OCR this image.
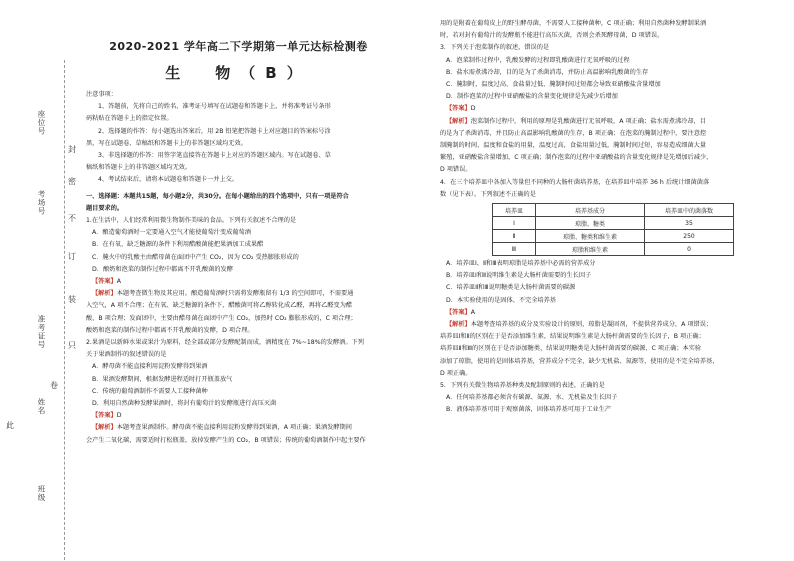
座位号
考场号
准考证号
姓名
班级
封
密
不
订
装
只
卷
此
2020-2021 学年高二下学期第一单元达标检测卷
生　物（B）
注意事项：
1、答题前，先将自己的姓名、准考证号填写在试题卷和答题卡上，并将准考证号条形
码粘贴在答题卡上的指定位置。
2、选择题的作答：每小题选出答案后，用 2B 铅笔把答题卡上对应题目的答案标号涂
黑，写在试题卷、草稿纸和答题卡上的非答题区域均无效。
3、非选择题的作答：用签字笔直接答在答题卡上对应的答题区域内。写在试题卷、草
稿纸和答题卡上的非答题区域均无效。
4、考试结束后，请将本试题卷和答题卡一并上交。
一、选择题：本题共15题，每小题2分，共30分。在每小题给出的四个选项中，只有一项是符合
题目要求的。
1.在生活中，人们经常利用微生物制作美味的食品。下列有关叙述不合理的是
A．酿造葡萄酒时一定要通入空气才能使葡萄汁变成葡萄酒
B．在有氧、缺乏糖源的条件下利用醋酸菌能把果酒加工成果醋
C．腌火中的乳酸主由醋母菌在面团中产生 CO₂，因为 CO₂ 受热膨胀形成的
D．酿奶和泡菜的制作过程中都离不开乳酸菌的发酵
【答案】A
【解析】本题考查微生物及其应用。酿造葡萄酒时只需将发酵瓶留有 1/3 的空间即可，不需要通
入空气，A 项不合理；在有氧、缺乏糖源的条件下，醋酸菌可将乙醇转化成乙醛，再将乙醛变为醋
酸，B 项合理；发面团中，主要由醋母菌在面团中产生 CO₂，加热时 CO₂ 膨胀形成的，C 项合理；
酸奶和泡菜的制作过程中都离不开乳酸菌的发酵，D 项合理。
2.果酒是以新鲜水果或果汁为原料，经全部或部分发酵配制而成，酒精度在 7%~18%的发酵酒。下列
关于果酒制作的叙述错误的是
A．酵母菌不能直接利用淀粉发酵得到果酒
B．果酒发酵期间，根据发酵进程适时打开瓶盖放气
C．传统的葡萄酒制作不需要人工接种菌种
D．利用自然菌种发酵果酒时，将封有葡萄汁的发酵瓶进行高压灭菌
【答案】D
【解析】本题考查果酒制作。酵母菌不能直接利用淀粉发酵得到果酒，A 项正确；果酒发酵期间
会产生二氧化碳，需要适时打松瓶盖，放掉发酵产生的 CO₂，B 项错误；传统的葡萄酒制作中起主要作
用的是附着在葡萄皮上的野生酵母菌，不需要人工接种菌种，C 项正确；利用自然菌种发酵制果酒
时，若对封有葡萄汁的发酵瓶不能进行高压灭菌，否则会杀死酵母菌，D 项错误。
3．下列关于泡菜制作的叙述，错误的是
A．泡菜制作过程中，乳酸发酵的过程即乳酸菌进行无氧呼吸的过程
B．盐水需煮沸冷却，目的是为了杀菌消毒，并防止高温影响乳酸菌的生存
C．腌制时，温度过高、食盐量过低、腌制时间过短都会导致亚硝酸盐含量增加
D．制作泡菜的过程中亚硝酸盐的含量变化规律是先减少后增加
【答案】D
【解析】泡菜制作过程中，利用的原理是乳酸菌进行无氧呼吸，A 项正确；盐水需煮沸冷却，目
的是为了杀菌消毒，并且防止高温影响乳酸菌的生存，B 项正确；在泡菜的腌制过程中，要注意控
制腌制的时间、温度和食盐的用量，温度过高，食盐用量过低，腌制时间过短，容易造成细菌大量
繁殖，亚硝酸盐含量增加，C 项正确；制作泡菜的过程中亚硝酸盐的含量变化规律是先增加后减少，
D 项错误。
4．在三个培养皿中各加入等量但不同种的大肠杆菌培养基，在培养皿中培养 36 h 后统计细菌菌落
数（见下表）。下列叙述不正确的是
培养皿	培养基成分	培养皿中的菌落数
Ⅰ	琼脂、糖类	35
Ⅱ	琼脂、糖类和维生素	250
Ⅲ	琼脂和维生素	0
A．培养皿Ⅰ、Ⅱ和Ⅲ表明琼脂是培养基中必需的营养成分
B．培养皿Ⅰ和Ⅱ说明维生素是大肠杆菌需要的生长因子
C．培养皿Ⅱ和Ⅲ说明糖类是大肠杆菌需要的碳源
D．本实验使用的是固体、不完全培养基
【答案】A
【解析】本题考查培养基的成分及实验设计的原则，琼脂是凝固剂，不提供营养成分，A 项错误；
培养皿Ⅰ和Ⅱ的区别在于是否添加维生素，结果说明维生素是大肠杆菌需要的生长因子，B 项正确；
培养皿Ⅱ和Ⅲ的区别在于是否添加糖类，结果说明糖类是大肠杆菌需要的碳源，C 项正确；本实验
添加了琼脂，使用的是固体培养基，营养成分不完全，缺少无机盐、氮源等，使用的是不完全培养基，
D 项正确。
5．下列有关微生物培养基种类及配制原则的表述，正确的是
A．任何培养基都必须含有碳源、氮源、水、无机盐及生长因子
B．液体培养基可用于观察菌落，固体培养基可用于工业生产
